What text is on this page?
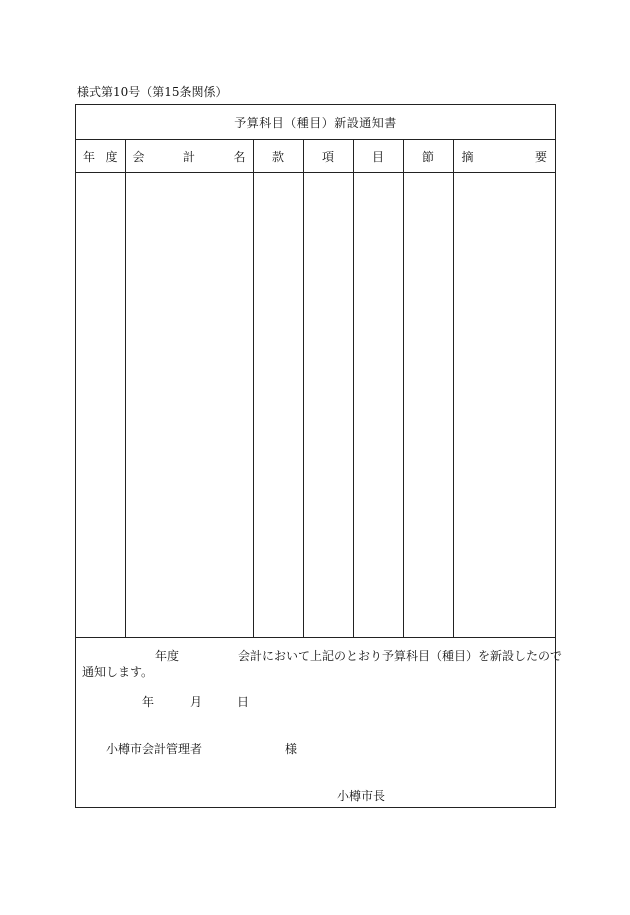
様式第10号（第15条関係）
予算科目（種目）新設通知書
年 度	会 計 名	款	項	目	節	摘 要

年度	会計において上記のとおり予算科目（種目）を新設したので
通知します。
年	月	日
小樽市会計管理者	様
小樽市長
